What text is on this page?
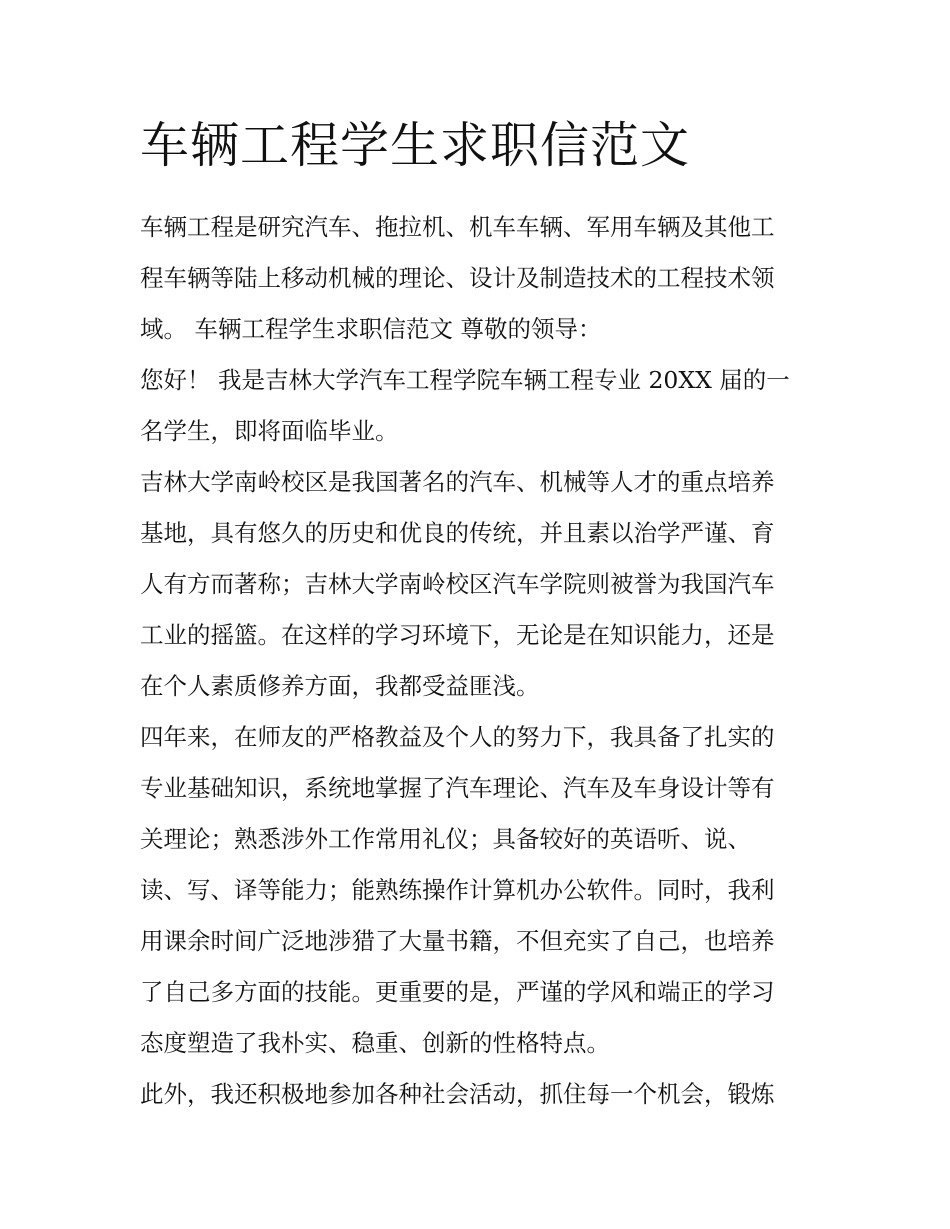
车辆工程学生求职信范文

车辆工程是研究汽车、拖拉机、机车车辆、军用车辆及其他工
程车辆等陆上移动机械的理论、设计及制造技术的工程技术领
域。 车辆工程学生求职信范文 尊敬的领导：

您好！ 我是吉林大学汽车工程学院车辆工程专业 20XX 届的一
名学生，即将面临毕业。

吉林大学南岭校区是我国著名的汽车、机械等人才的重点培养
基地，具有悠久的历史和优良的传统，并且素以治学严谨、育
人有方而著称；吉林大学南岭校区汽车学院则被誉为我国汽车
工业的摇篮。在这样的学习环境下，无论是在知识能力，还是
在个人素质修养方面，我都受益匪浅。

四年来，在师友的严格教益及个人的努力下，我具备了扎实的
专业基础知识，系统地掌握了汽车理论、汽车及车身设计等有
关理论；熟悉涉外工作常用礼仪；具备较好的英语听、说、
读、写、译等能力；能熟练操作计算机办公软件。同时，我利
用课余时间广泛地涉猎了大量书籍，不但充实了自己，也培养
了自己多方面的技能。更重要的是，严谨的学风和端正的学习
态度塑造了我朴实、稳重、创新的性格特点。

此外，我还积极地参加各种社会活动，抓住每一个机会，锻炼
